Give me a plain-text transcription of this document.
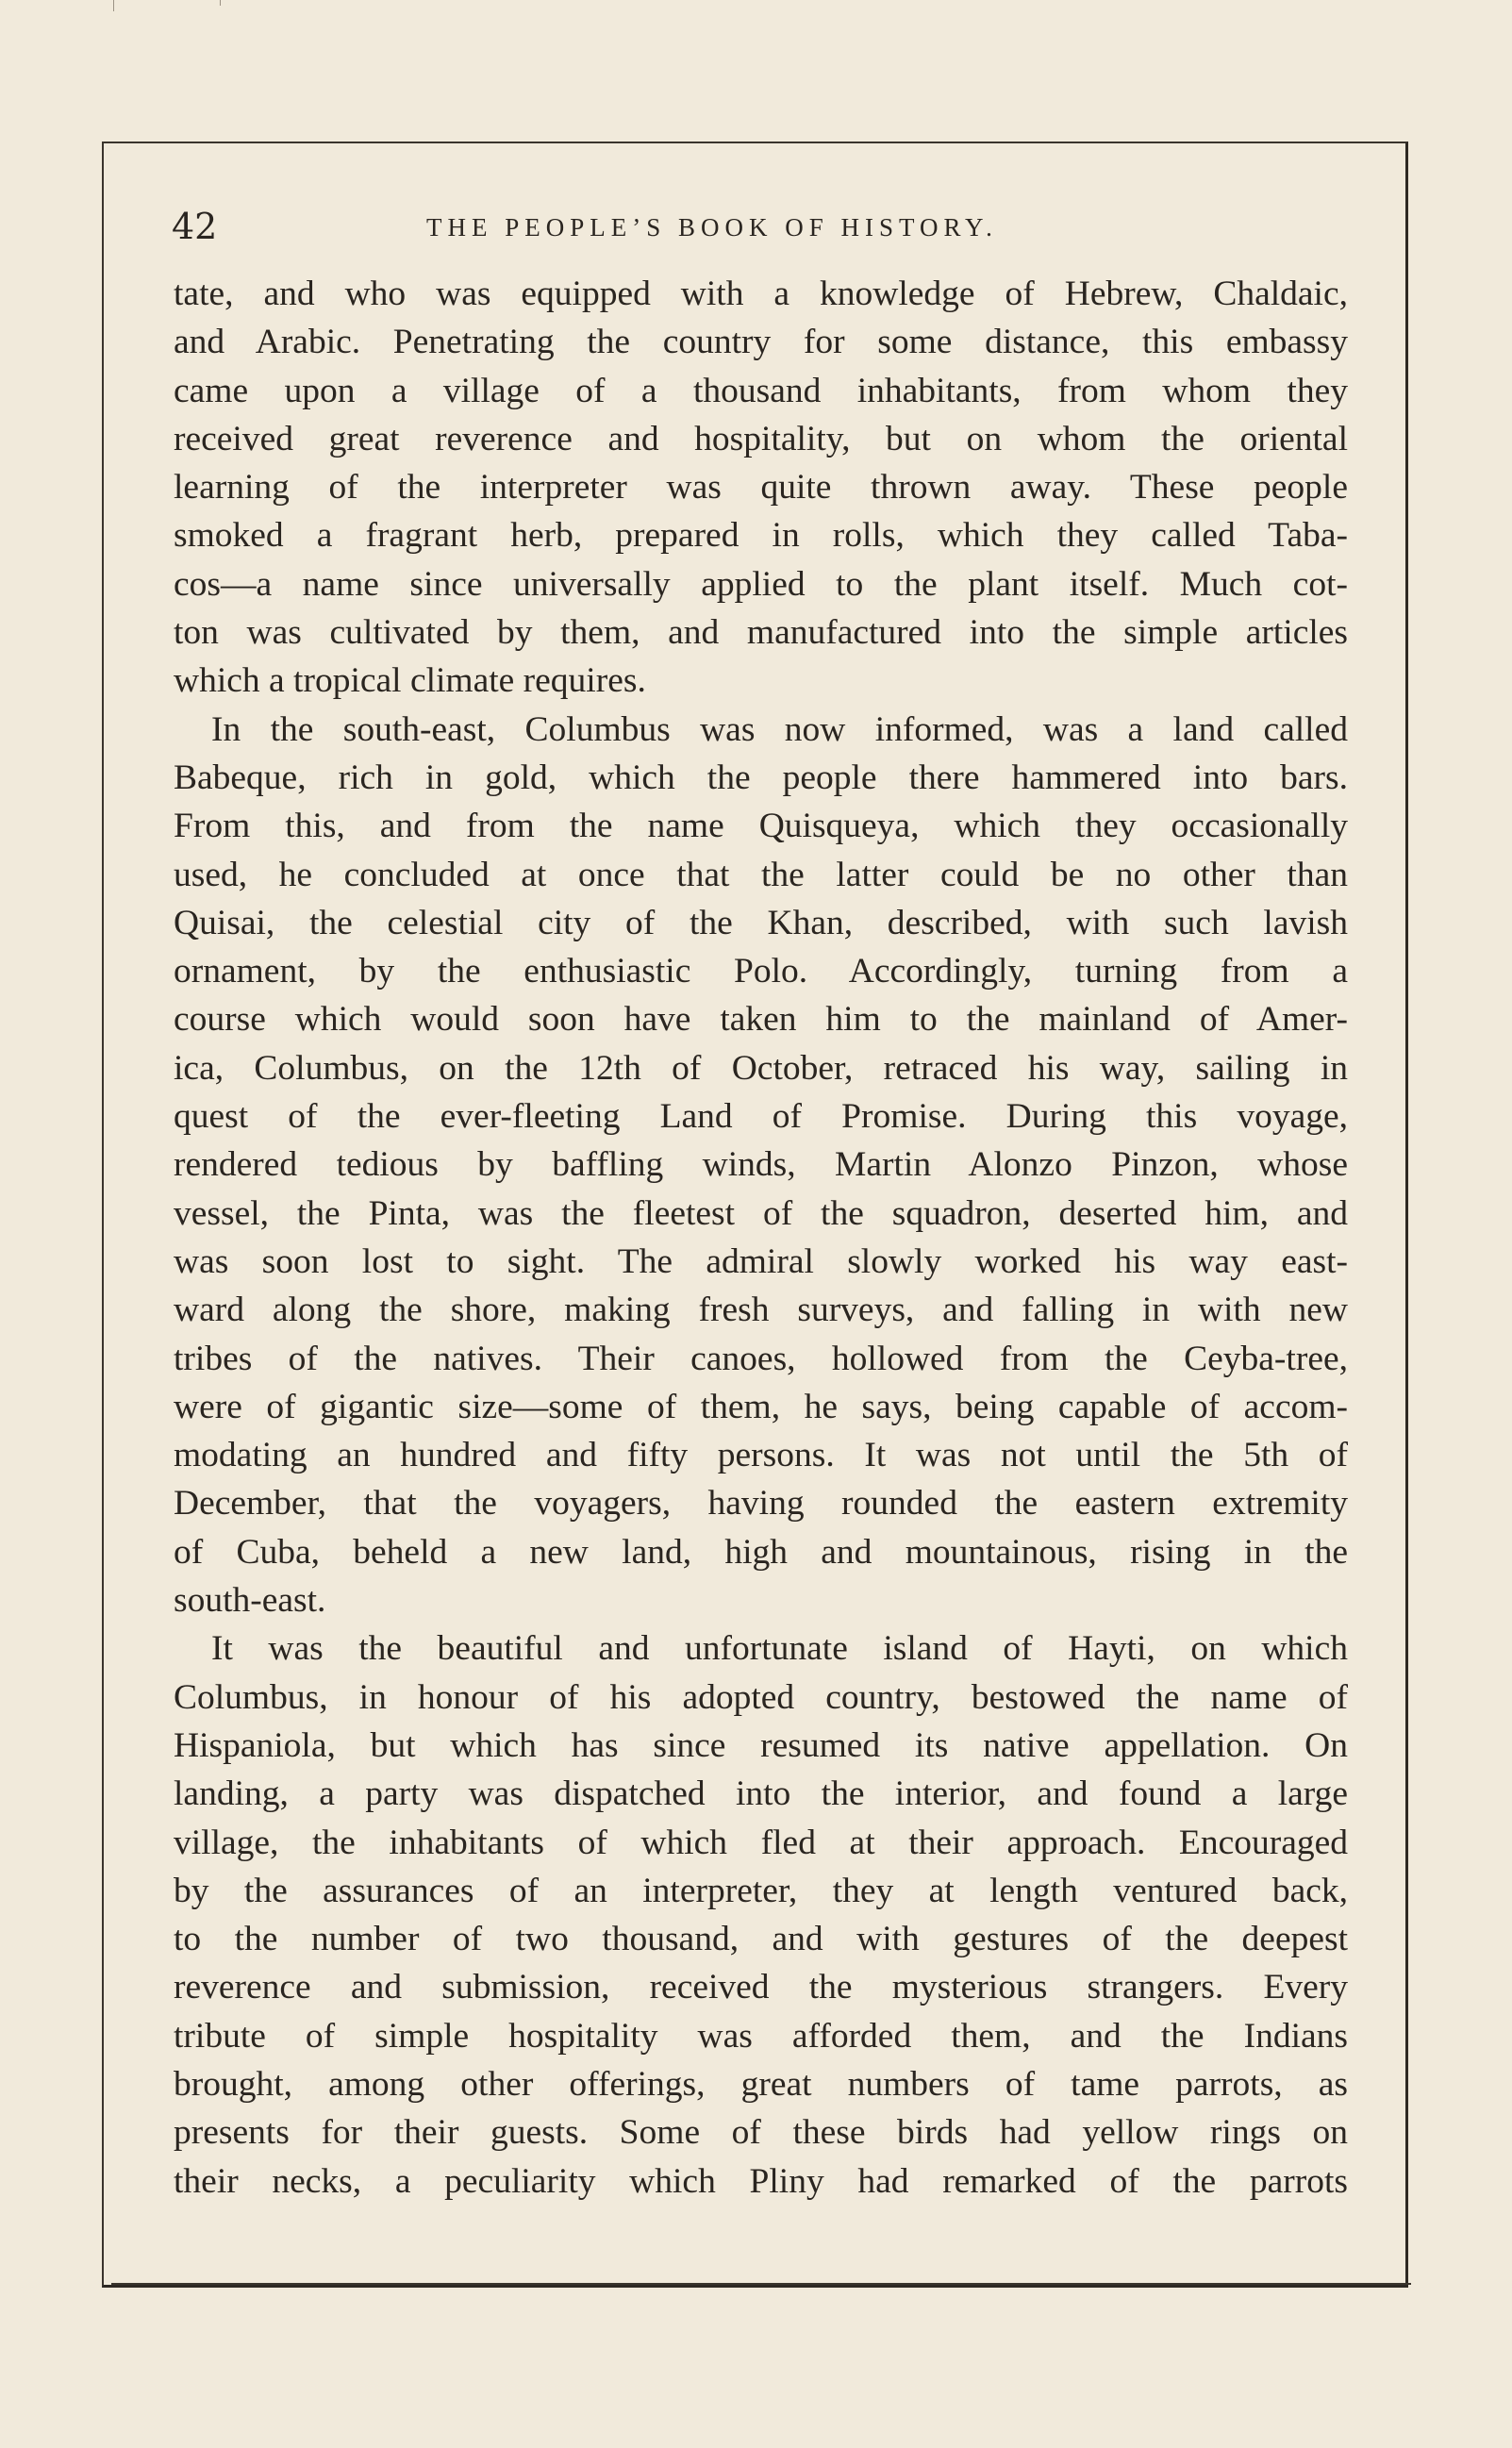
42	THE PEOPLE’S BOOK OF HISTORY.
tate, and who was equipped with a knowledge of Hebrew, Chaldaic,
and Arabic. Penetrating the country for some distance, this embassy
came upon a village of a thousand inhabitants, from whom they
received great reverence and hospitality, but on whom the oriental
learning of the interpreter was quite thrown away. These people
smoked a fragrant herb, prepared in rolls, which they called Taba-
cos—a name since universally applied to the plant itself. Much cot-
ton was cultivated by them, and manufactured into the simple articles
which a tropical climate requires.
In the south-east, Columbus was now informed, was a land called
Babeque, rich in gold, which the people there hammered into bars.
From this, and from the name Quisqueya, which they occasionally
used, he concluded at once that the latter could be no other than
Quisai, the celestial city of the Khan, described, with such lavish
ornament, by the enthusiastic Polo. Accordingly, turning from a
course which would soon have taken him to the mainland of Amer-
ica, Columbus, on the 12th of October, retraced his way, sailing in
quest of the ever-fleeting Land of Promise. During this voyage,
rendered tedious by baffling winds, Martin Alonzo Pinzon, whose
vessel, the Pinta, was the fleetest of the squadron, deserted him, and
was soon lost to sight. The admiral slowly worked his way east-
ward along the shore, making fresh surveys, and falling in with new
tribes of the natives. Their canoes, hollowed from the Ceyba-tree,
were of gigantic size—some of them, he says, being capable of accom-
modating an hundred and fifty persons. It was not until the 5th of
December, that the voyagers, having rounded the eastern extremity
of Cuba, beheld a new land, high and mountainous, rising in the
south-east.
It was the beautiful and unfortunate island of Hayti, on which
Columbus, in honour of his adopted country, bestowed the name of
Hispaniola, but which has since resumed its native appellation. On
landing, a party was dispatched into the interior, and found a large
village, the inhabitants of which fled at their approach. Encouraged
by the assurances of an interpreter, they at length ventured back,
to the number of two thousand, and with gestures of the deepest
reverence and submission, received the mysterious strangers. Every
tribute of simple hospitality was afforded them, and the Indians
brought, among other offerings, great numbers of tame parrots, as
presents for their guests. Some of these birds had yellow rings on
their necks, a peculiarity which Pliny had remarked of the parrots
